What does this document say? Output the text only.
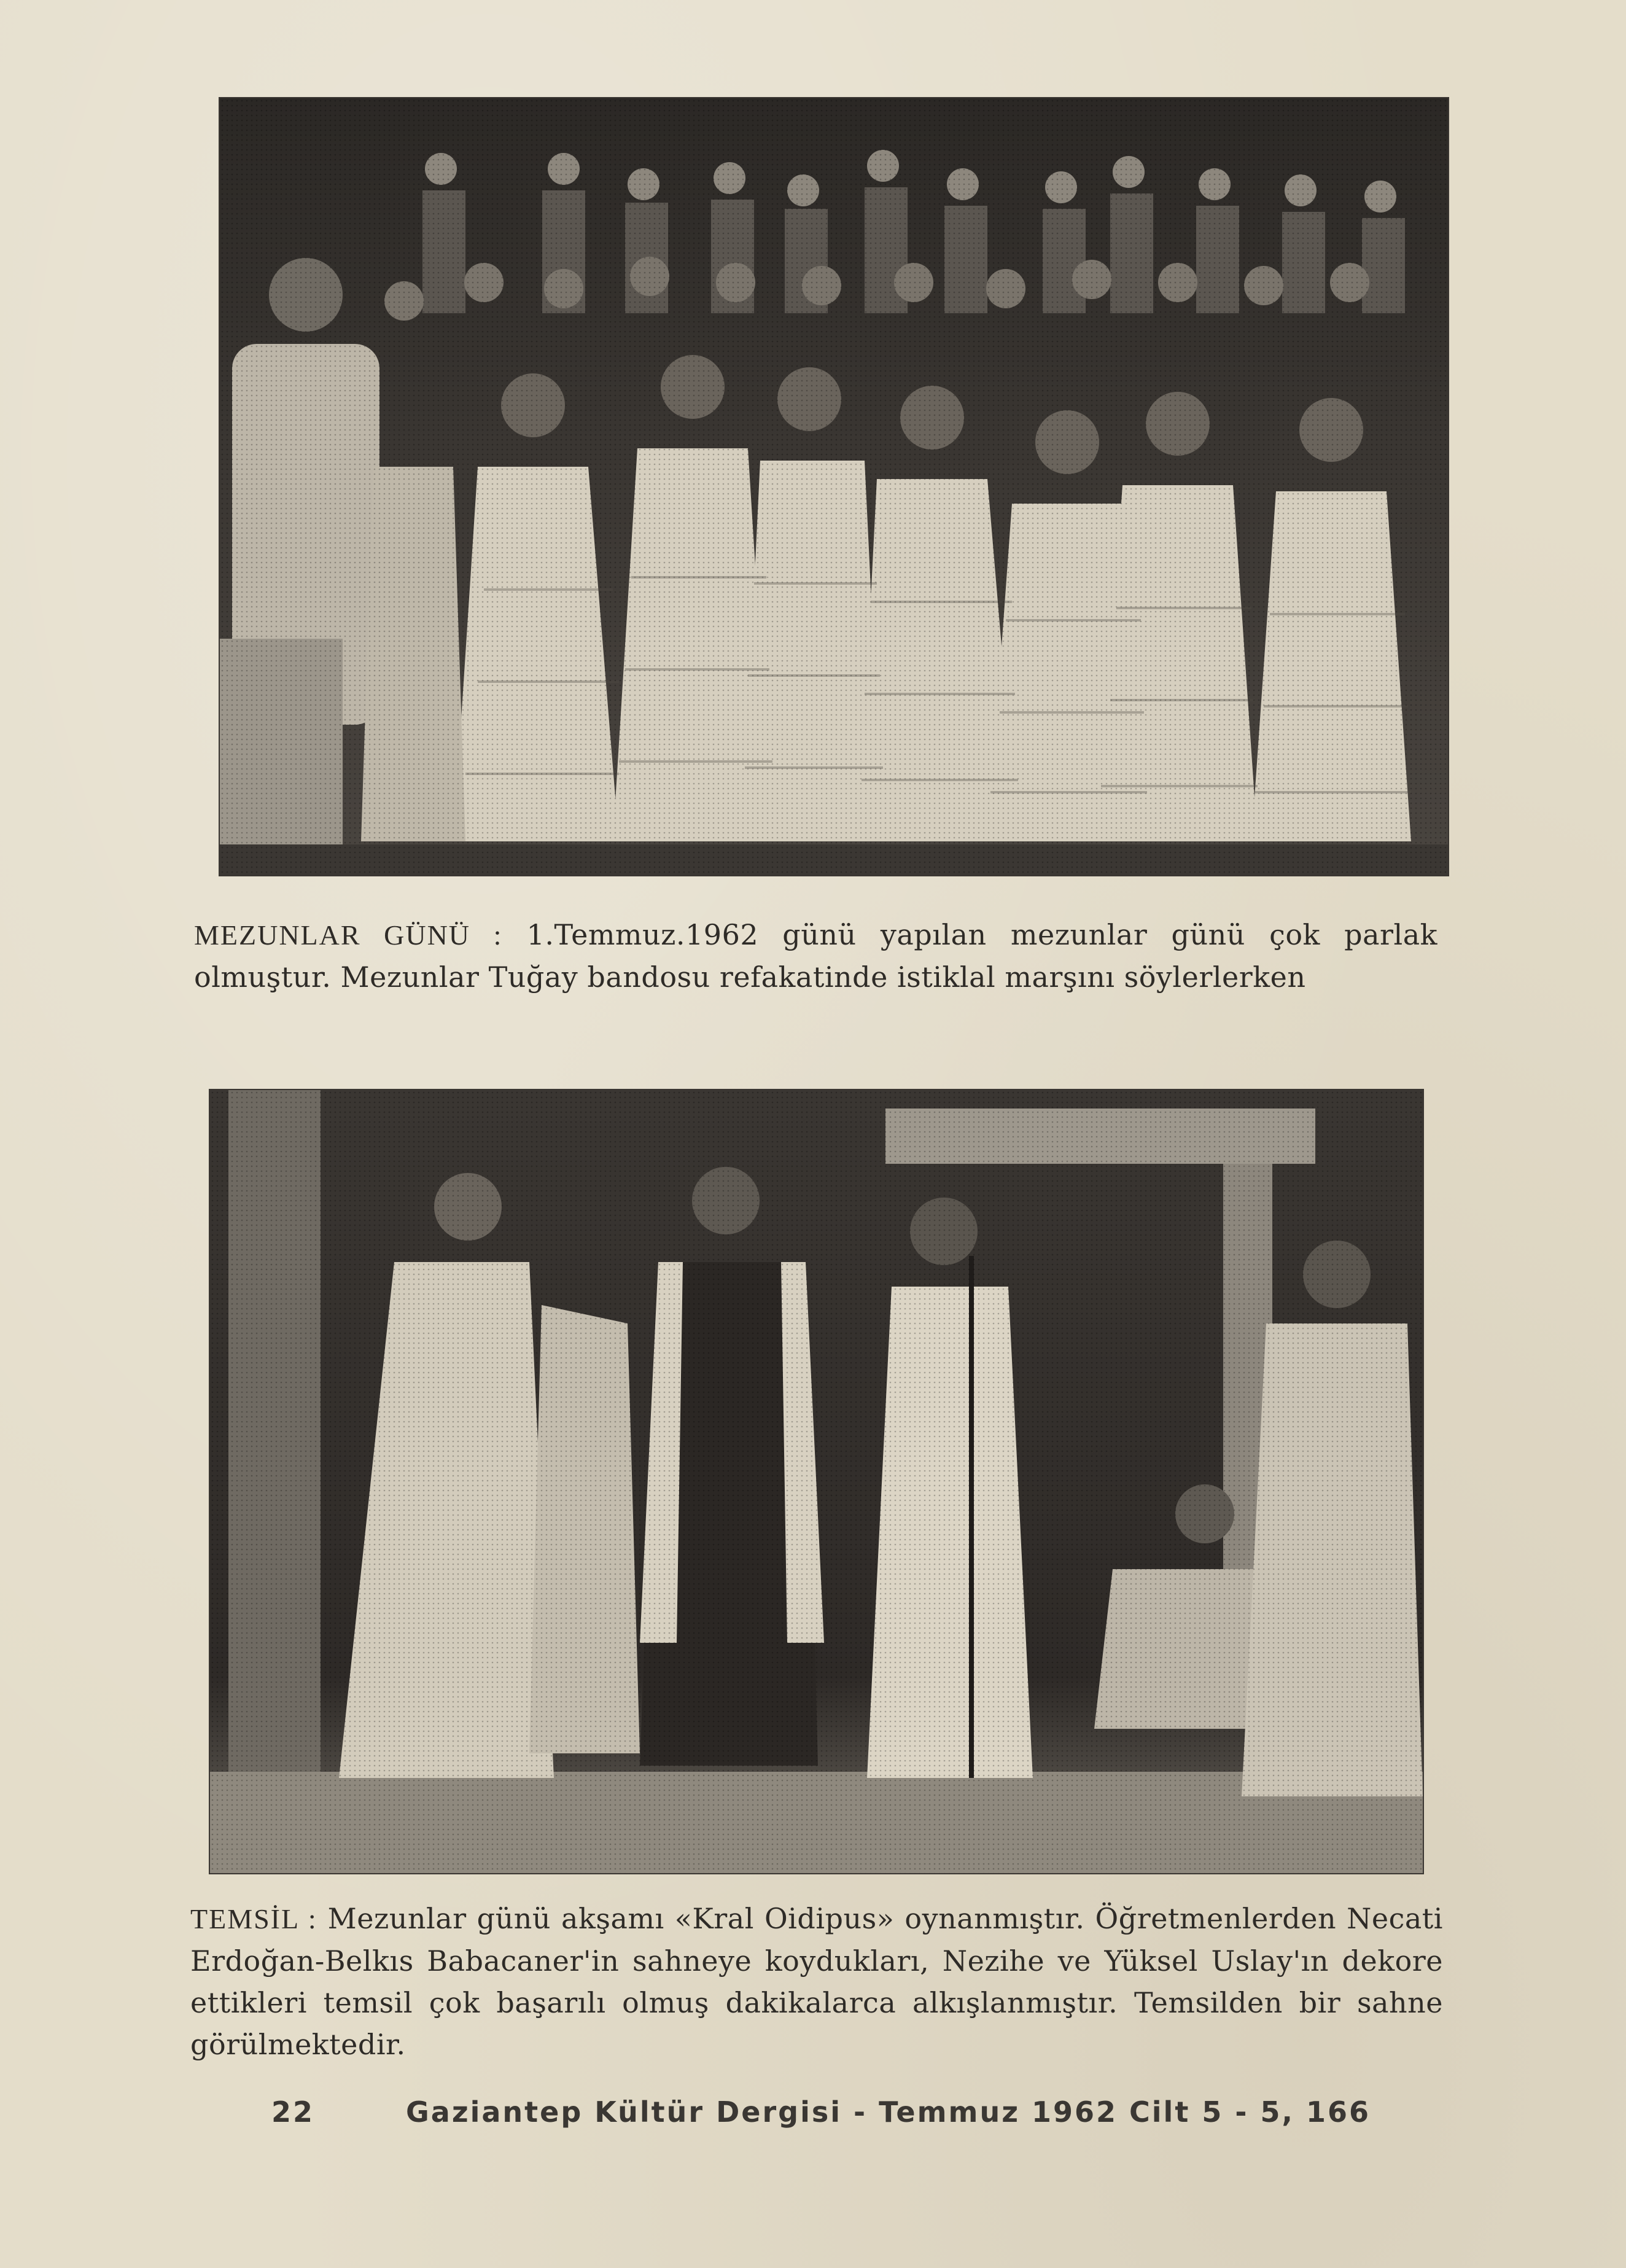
MEZUNLAR GÜNÜ : 1.Temmuz.1962 günü yapılan mezunlar günü çok parlak olmuştur. Mezunlar Tuğay bandosu refakatinde istiklal marşını söylerlerken
TEMSİL : Mezunlar günü akşamı «Kral Oidipus» oynanmıştır. Öğretmenlerden Necati Erdoğan-Belkıs Babacaner'in sahneye koydukları, Nezihe ve Yüksel Uslay'ın dekore ettikleri temsil çok başarılı olmuş dakikalarca alkışlanmıştır. Temsilden bir sahne görülmektedir.
22	Gaziantep Kültür Dergisi - Temmuz 1962 Cilt 5 - 5, 166
